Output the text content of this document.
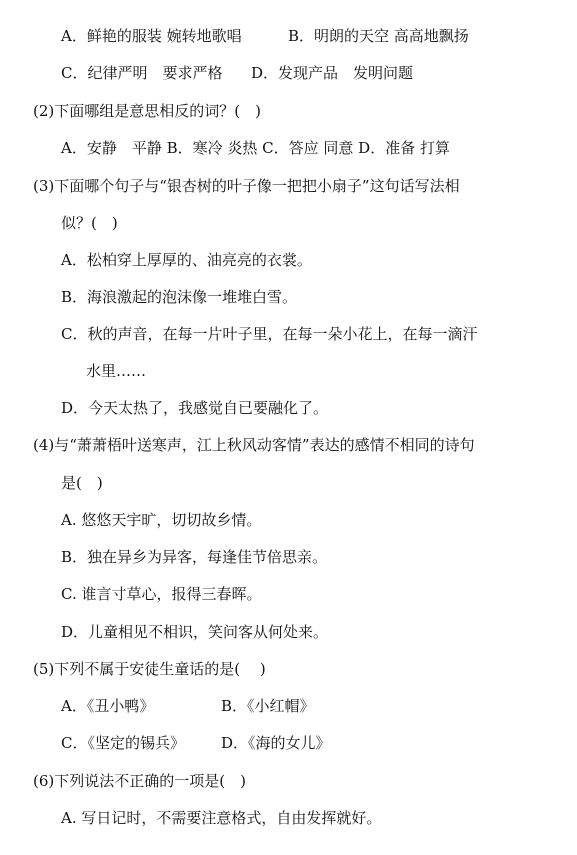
A．鲜艳的服装 婉转地歌唱	B．明朗的天空 高高地飘扬
C．纪律严明　要求严格 D．发现产品　发明问题
(2)下面哪组是意思相反的词？(　)
A．安静　平静 B．寒冷 炎热 C．答应 同意 D．准备 打算
(3)下面哪个句子与“银杏树的叶子像一把把小扇子”这句话写法相
似？(　)
A．松柏穿上厚厚的、油亮亮的衣裳。
B．海浪激起的泡沫像一堆堆白雪。
C．秋的声音，在每一片叶子里，在每一朵小花上，在每一滴汗
水里……
D．今天太热了，我感觉自已要融化了。
(4)与“萧萧梧叶送寒声，江上秋风动客情”表达的感情不相同的诗句
是(　)
A. 悠悠天宇旷，切切故乡情。
B．独在异乡为异客，每逢佳节倍思亲。
C. 谁言寸草心，报得三春晖。
D．儿童相见不相识，笑问客从何处来。
(5)下列不属于安徒生童话的是(　 )
A．《丑小鸭》	B．《小红帽》
C．《坚定的锡兵》 D．《海的女儿》
(6)下列说法不正确的一项是(　)
A. 写日记时，不需要注意格式，自由发挥就好。
